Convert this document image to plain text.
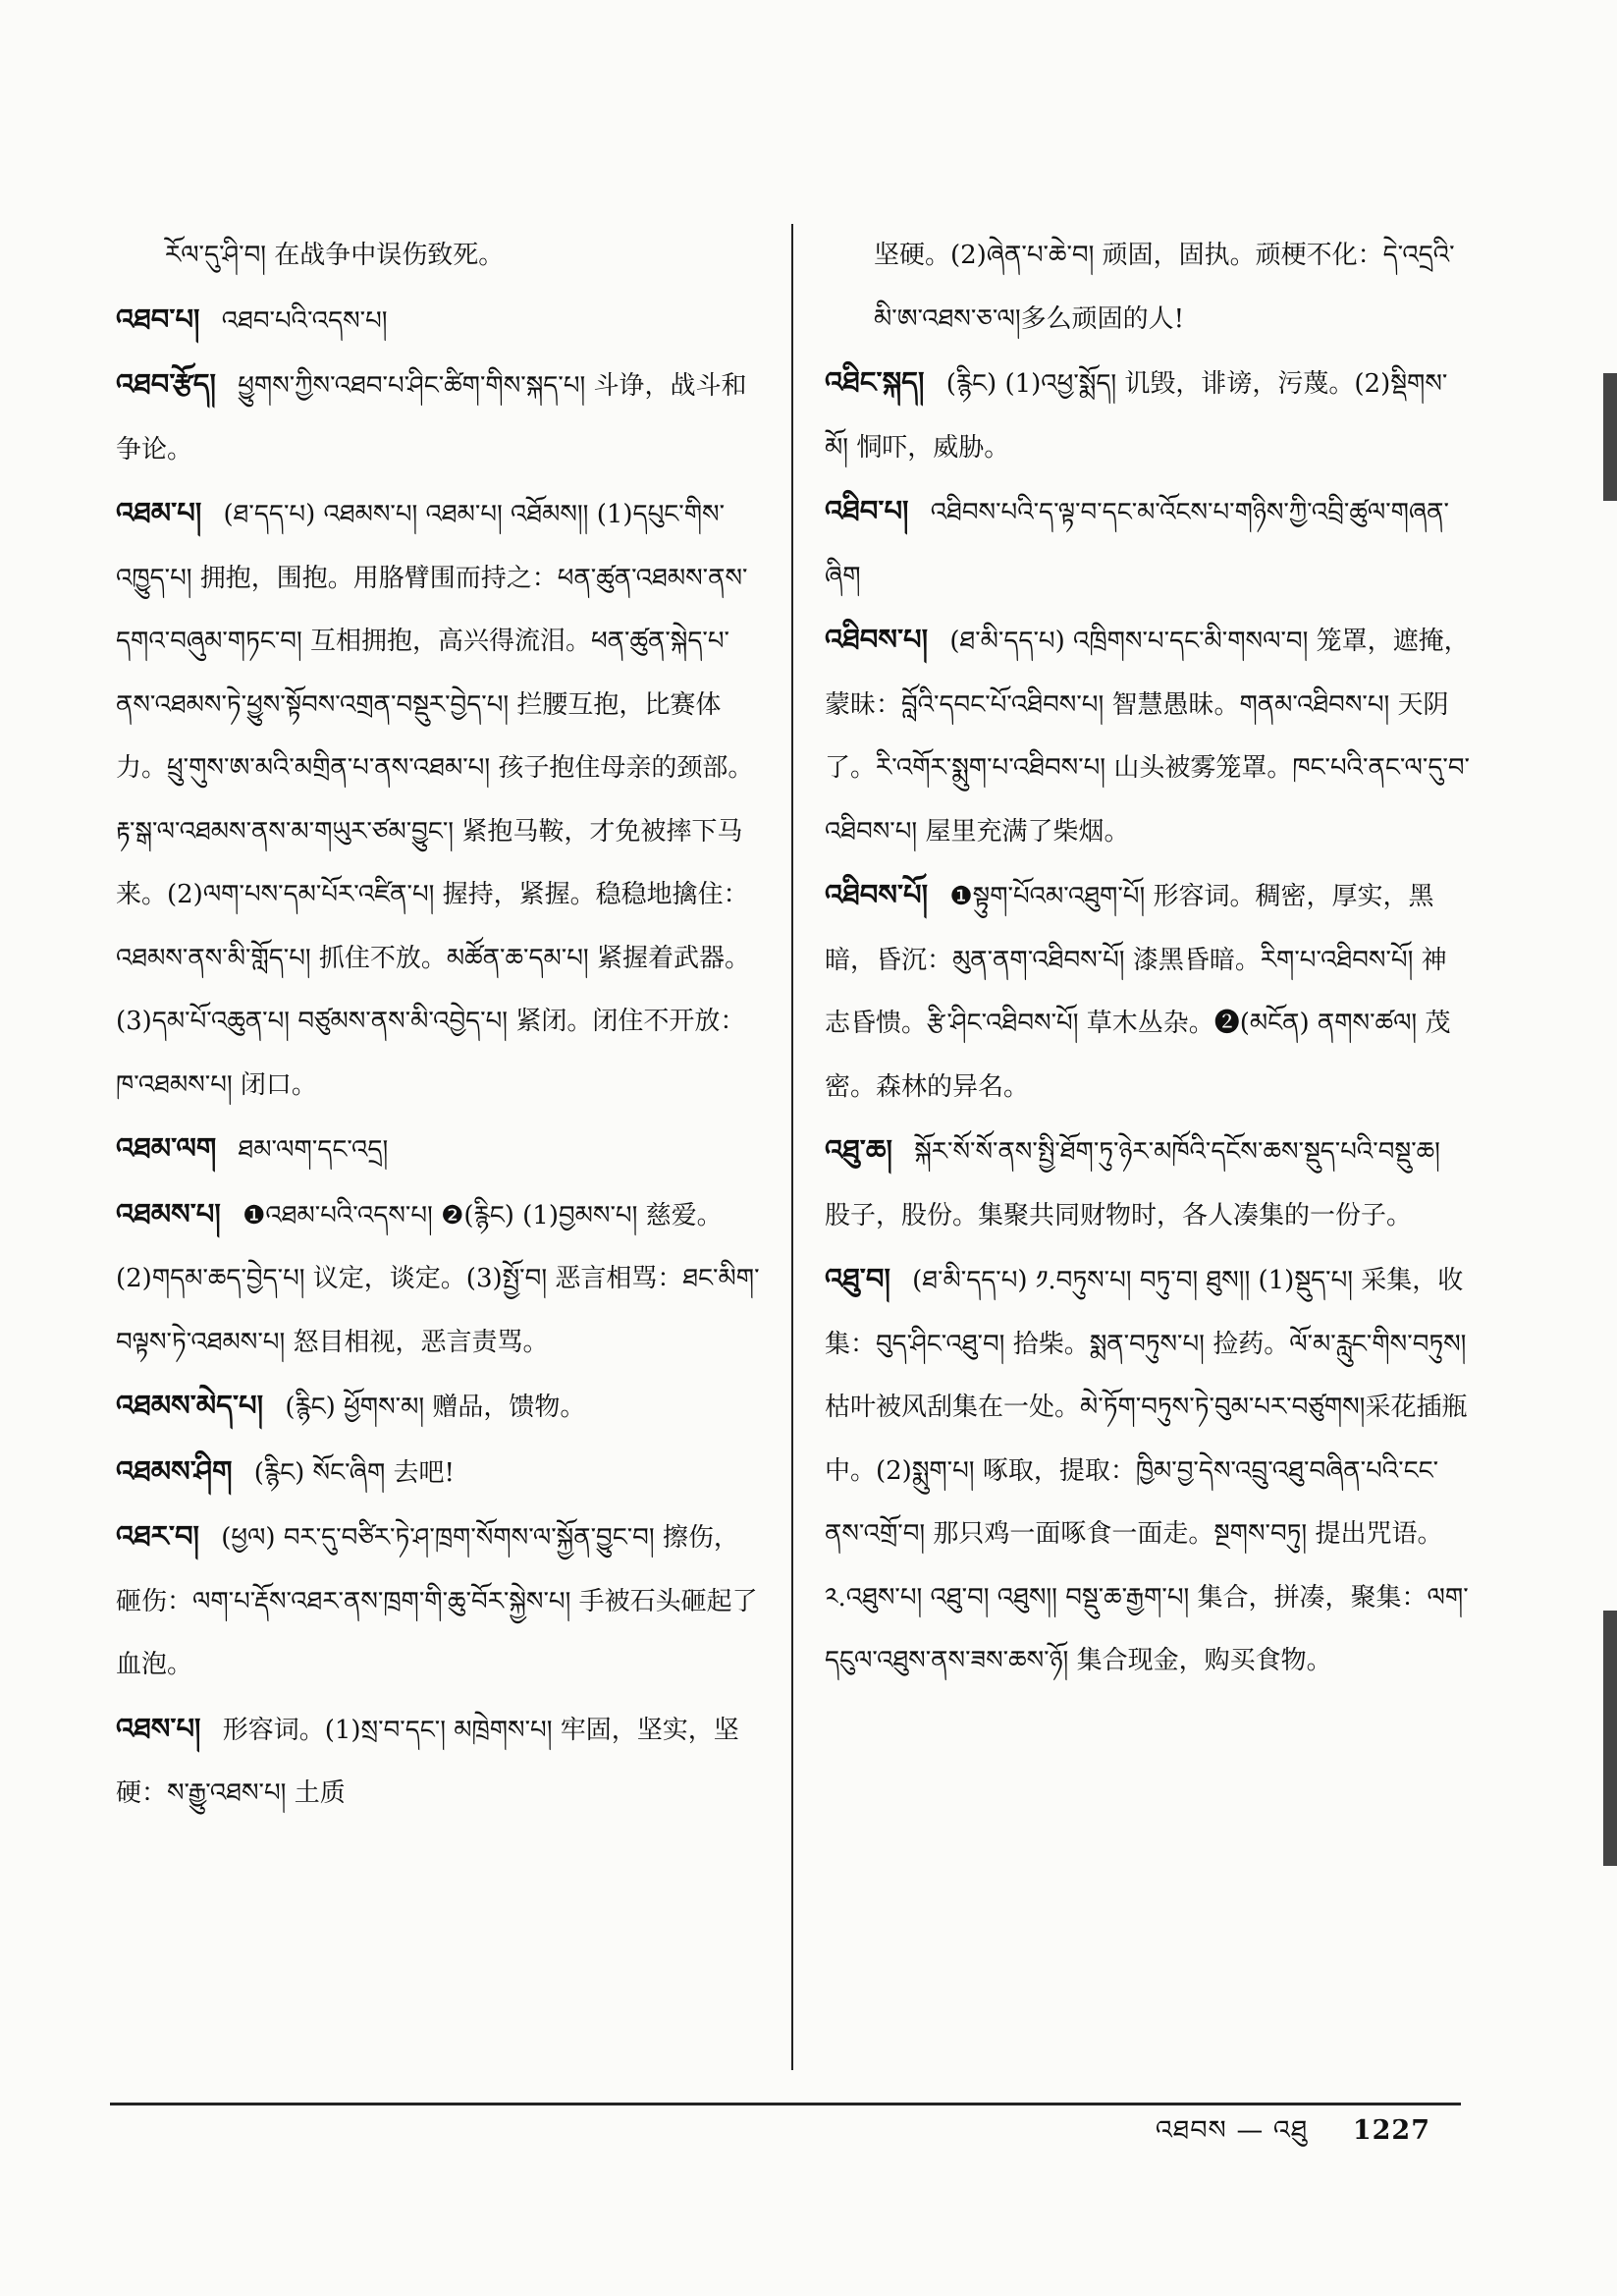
རོལ་དུ་ཤི་བ། 在战争中误伤致死。

འཐབ་པ། འཐབ་པའི་འདས་པ།

འཐབ་རྩོད། ཕྱུགས་ཀྱིས་འཐབ་པ་ཤིང་ཚིག་གིས་སྐད་པ། 斗诤，战斗和争论。

འཐམ་པ། (ཐ་དད་པ) འཐམས་པ། འཐམ་པ། འཐོམས།། (1)དཔུང་གིས་འཁྱུད་པ། 拥抱，围抱。用胳臂围而持之：ཕན་ཚུན་འཐམས་ནས་དགའ་བཞུམ་གཏང་བ། 互相拥抱，高兴得流泪。ཕན་ཚུན་སྐེད་པ་ནས་འཐམས་ཏེ་ཕྱུས་སྟོབས་འགྲན་བསྡུར་བྱེད་པ། 拦腰互抱，比赛体力。ཕྲུ་གུས་ཨ་མའི་མགྲིན་པ་ནས་འཐམ་པ། 孩子抱住母亲的颈部。རྟ་སྒ་ལ་འཐམས་ནས་མ་གཡུར་ཙམ་བྱུང་། 紧抱马鞍，才免被摔下马来。(2)ལག་པས་དམ་པོར་འཛིན་པ། 握持，紧握。稳稳地擒住：འཐམས་ནས་མི་གློད་པ། 抓住不放。མཚོན་ཆ་དམ་པ། 紧握着武器。(3)དམ་པོ་འཆུན་པ། བཙུམས་ནས་མི་འབྱེད་པ། 紧闭。闭住不开放：ཁ་འཐམས་པ། 闭口。

འཐམ་ལག ཐམ་ལག་དང་འདྲ།

འཐམས་པ། ❶འཐམ་པའི་འདས་པ། ❷(རྙིང) (1)བྱམས་པ། 慈爱。(2)གདམ་ཆད་བྱེད་པ། 议定，谈定。(3)སྤྱོ་བ། 恶言相骂：ཐང་མིག་བལྟས་ཏེ་འཐམས་པ། 怒目相视，恶言责骂。

འཐམས་མེད་པ། (རྙིང) ཕྱོགས་མ། 赠品，馈物。

འཐམས་ཤིག (རྙིང) སོང་ཞིག 去吧!

འཐར་བ། (ཕྱལ) བར་དུ་བཙིར་ཏེ་ཤ་ཁྲག་སོགས་ལ་སྐྱོན་བྱུང་བ། 擦伤，砸伤：ལག་པ་རྡོས་འཐར་ནས་ཁྲག་གི་ཆུ་བོར་སྐྱེས་པ། 手被石头砸起了血泡。

འཐས་པ། 形容词。(1)སྲ་བ་དང་། མཁྲེགས་པ། 牢固，坚实，坚硬：ས་རྒྱུ་འཐས་པ། 土质

坚硬。(2)ཞེན་པ་ཆེ་བ། 顽固，固执。顽梗不化：དེ་འདྲའི་མི་ཨ་འཐས་ཅ་ལ།多么顽固的人!

འཐིང་སྐད། (རྙིང) (1)འཕྱ་སྨོད། 讥毁，诽谤，污蔑。(2)སྡིགས་མོ། 恫吓，威胁。

འཐིབ་པ། འཐིབས་པའི་ད་ལྟ་བ་དང་མ་འོངས་པ་གཉིས་ཀྱི་འབྲི་ཚུལ་གཞན་ཞིག

འཐིབས་པ། (ཐ་མི་དད་པ) འཁྲིགས་པ་དང་མི་གསལ་བ། 笼罩，遮掩，蒙昧：བློའི་དབང་པོ་འཐིབས་པ། 智慧愚昧。གནམ་འཐིབས་པ། 天阴了。རི་འགོར་སྨུག་པ་འཐིབས་པ། 山头被雾笼罩。ཁང་པའི་ནང་ལ་དུ་བ་འཐིབས་པ། 屋里充满了柴烟。

འཐིབས་པོ། ❶སྟུག་པོའམ་འཐུག་པོ། 形容词。稠密，厚实，黑暗，昏沉：མུན་ནག་འཐིབས་པོ། 漆黑昏暗。རིག་པ་འཐིབས་པོ། 神志昏愦。རྩི་ཤིང་འཐིབས་པོ། 草木丛杂。❷(མངོན) ནགས་ཚལ། 茂密。森林的异名。

འཐུ་ཆ། སྐོར་སོ་སོ་ནས་སྤྱི་ཐོག་ཏུ་ཉེར་མཁོའི་དངོས་ཆས་སྡུད་པའི་བསྡུ་ཆ། 股子，股份。集聚共同财物时，各人凑集的一份子。

འཐུ་བ། (ཐ་མི་དད་པ) ༡.བཏུས་པ། བཏུ་བ། ཐུས།། (1)སྡུད་པ། 采集，收集：བུད་ཤིང་འཐུ་བ། 拾柴。སྨན་བཏུས་པ། 捡药。ལོ་མ་རླུང་གིས་བཏུས། 枯叶被风刮集在一处。མེ་ཏོག་བཏུས་ཏེ་བུམ་པར་བཙུགས།采花插瓶中。(2)སྨུག་པ། 啄取，提取：ཁྱིམ་བྱ་དེས་འབྲུ་འཐུ་བཞིན་པའི་ངང་ནས་འགྲོ་བ། 那只鸡一面啄食一面走。སྔགས་བཏུ། 提出咒语。༢.འཐུས་པ། འཐུ་བ། འཐུས།། བསྡུ་ཆ་རྒྱག་པ། 集合，拼凑，聚集：ལག་དངུལ་འཐུས་ནས་ཟས་ཆས་ཉོ། 集合现金，购买食物。

འཐབས — འཐུ 1227
